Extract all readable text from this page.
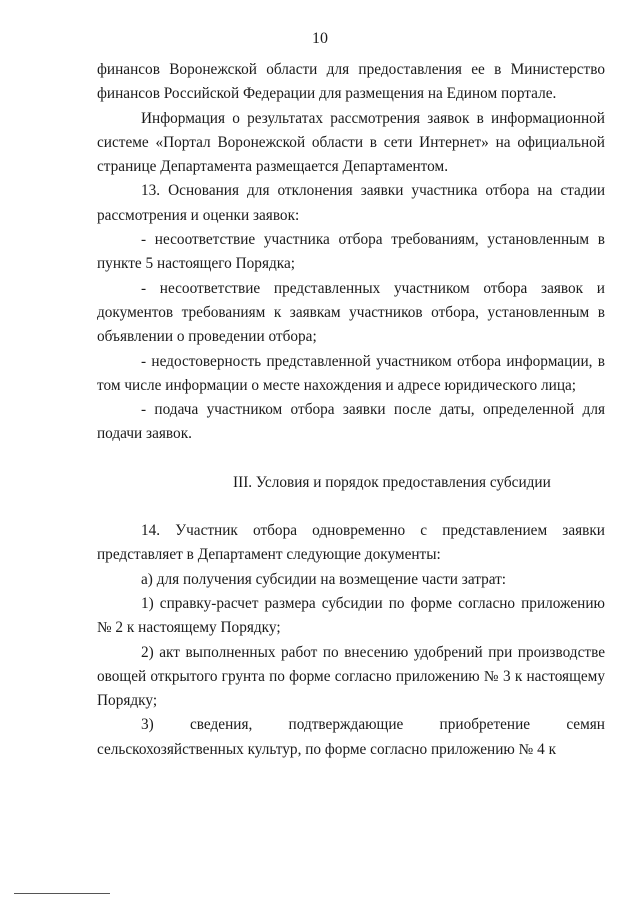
10

финансов Воронежской области для предоставления ее в Министерство финансов Российской Федерации для размещения на Едином портале.

Информация о результатах рассмотрения заявок в информационной системе «Портал Воронежской области в сети Интернет» на официальной странице Департамента размещается Департаментом.

13. Основания для отклонения заявки участника отбора на стадии рассмотрения и оценки заявок:

- несоответствие участника отбора требованиям, установленным в пункте 5 настоящего Порядка;

- несоответствие представленных участником отбора заявок и документов требованиям к заявкам участников отбора, установленным в объявлении о проведении отбора;

- недостоверность представленной участником отбора информации, в том числе информации о месте нахождения и адресе юридического лица;

- подача участником отбора заявки после даты, определенной для подачи заявок.

III. Условия и порядок предоставления субсидии

14. Участник отбора одновременно с представлением заявки представляет в Департамент следующие документы:

а) для получения субсидии на возмещение части затрат:

1) справку-расчет размера субсидии по форме согласно приложению № 2 к настоящему Порядку;

2) акт выполненных работ по внесению удобрений при производстве овощей открытого грунта по форме согласно приложению № 3 к настоящему Порядку;

3) сведения, подтверждающие приобретение семян сельскохозяйственных культур, по форме согласно приложению № 4 к
